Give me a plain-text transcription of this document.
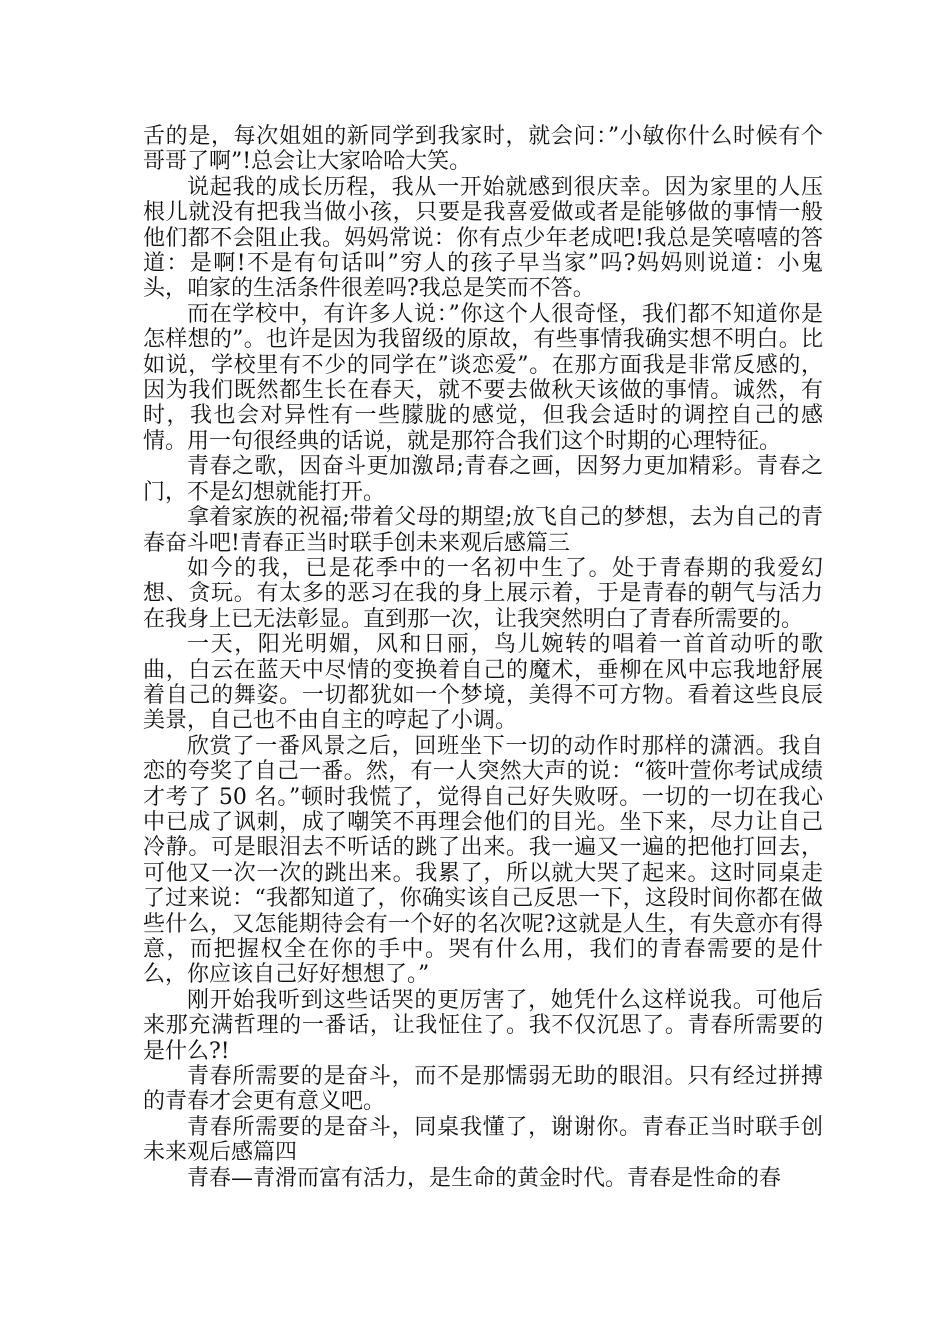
舌的是，每次姐姐的新同学到我家时，就会问：”小敏你什么时候有个哥哥了啊”!总会让大家哈哈大笑。

说起我的成长历程，我从一开始就感到很庆幸。因为家里的人压根儿就没有把我当做小孩，只要是我喜爱做或者是能够做的事情一般他们都不会阻止我。妈妈常说：你有点少年老成吧!我总是笑嘻嘻的答道：是啊!不是有句话叫”穷人的孩子早当家”吗?妈妈则说道：小鬼头，咱家的生活条件很差吗?我总是笑而不答。

而在学校中，有许多人说：”你这个人很奇怪，我们都不知道你是怎样想的”。也许是因为我留级的原故，有些事情我确实想不明白。比如说，学校里有不少的同学在”谈恋爱”。在那方面我是非常反感的，因为我们既然都生长在春天，就不要去做秋天该做的事情。诚然，有时，我也会对异性有一些朦胧的感觉，但我会适时的调控自己的感情。用一句很经典的话说，就是那符合我们这个时期的心理特征。

青春之歌，因奋斗更加激昂;青春之画，因努力更加精彩。青春之门，不是幻想就能打开。

拿着家族的祝福;带着父母的期望;放飞自己的梦想，去为自己的青春奋斗吧!青春正当时联手创未来观后感篇三

如今的我，已是花季中的一名初中生了。处于青春期的我爱幻想、贪玩。有太多的恶习在我的身上展示着，于是青春的朝气与活力在我身上已无法彰显。直到那一次，让我突然明白了青春所需要的。

一天，阳光明媚，风和日丽，鸟儿婉转的唱着一首首动听的歌曲，白云在蓝天中尽情的变换着自己的魔术，垂柳在风中忘我地舒展着自己的舞姿。一切都犹如一个梦境，美得不可方物。看着这些良辰美景，自己也不由自主的哼起了小调。

欣赏了一番风景之后，回班坐下一切的动作时那样的潇洒。我自恋的夸奖了自己一番。然，有一人突然大声的说：“筱叶萱你考试成绩才考了 50 名。”顿时我慌了，觉得自己好失败呀。一切的一切在我心中已成了讽刺，成了嘲笑不再理会他们的目光。坐下来，尽力让自己冷静。可是眼泪去不听话的跳了出来。我一遍又一遍的把他打回去，可他又一次一次的跳出来。我累了，所以就大哭了起来。这时同桌走了过来说：“我都知道了，你确实该自己反思一下，这段时间你都在做些什么，又怎能期待会有一个好的名次呢?这就是人生，有失意亦有得意，而把握权全在你的手中。哭有什么用，我们的青春需要的是什么，你应该自己好好想想了。”

刚开始我听到这些话哭的更厉害了，她凭什么这样说我。可他后来那充满哲理的一番话，让我怔住了。我不仅沉思了。青春所需要的是什么?!

青春所需要的是奋斗，而不是那懦弱无助的眼泪。只有经过拼搏的青春才会更有意义吧。

青春所需要的是奋斗，同桌我懂了，谢谢你。青春正当时联手创未来观后感篇四

青春—青滑而富有活力，是生命的黄金时代。青春是性命的春
